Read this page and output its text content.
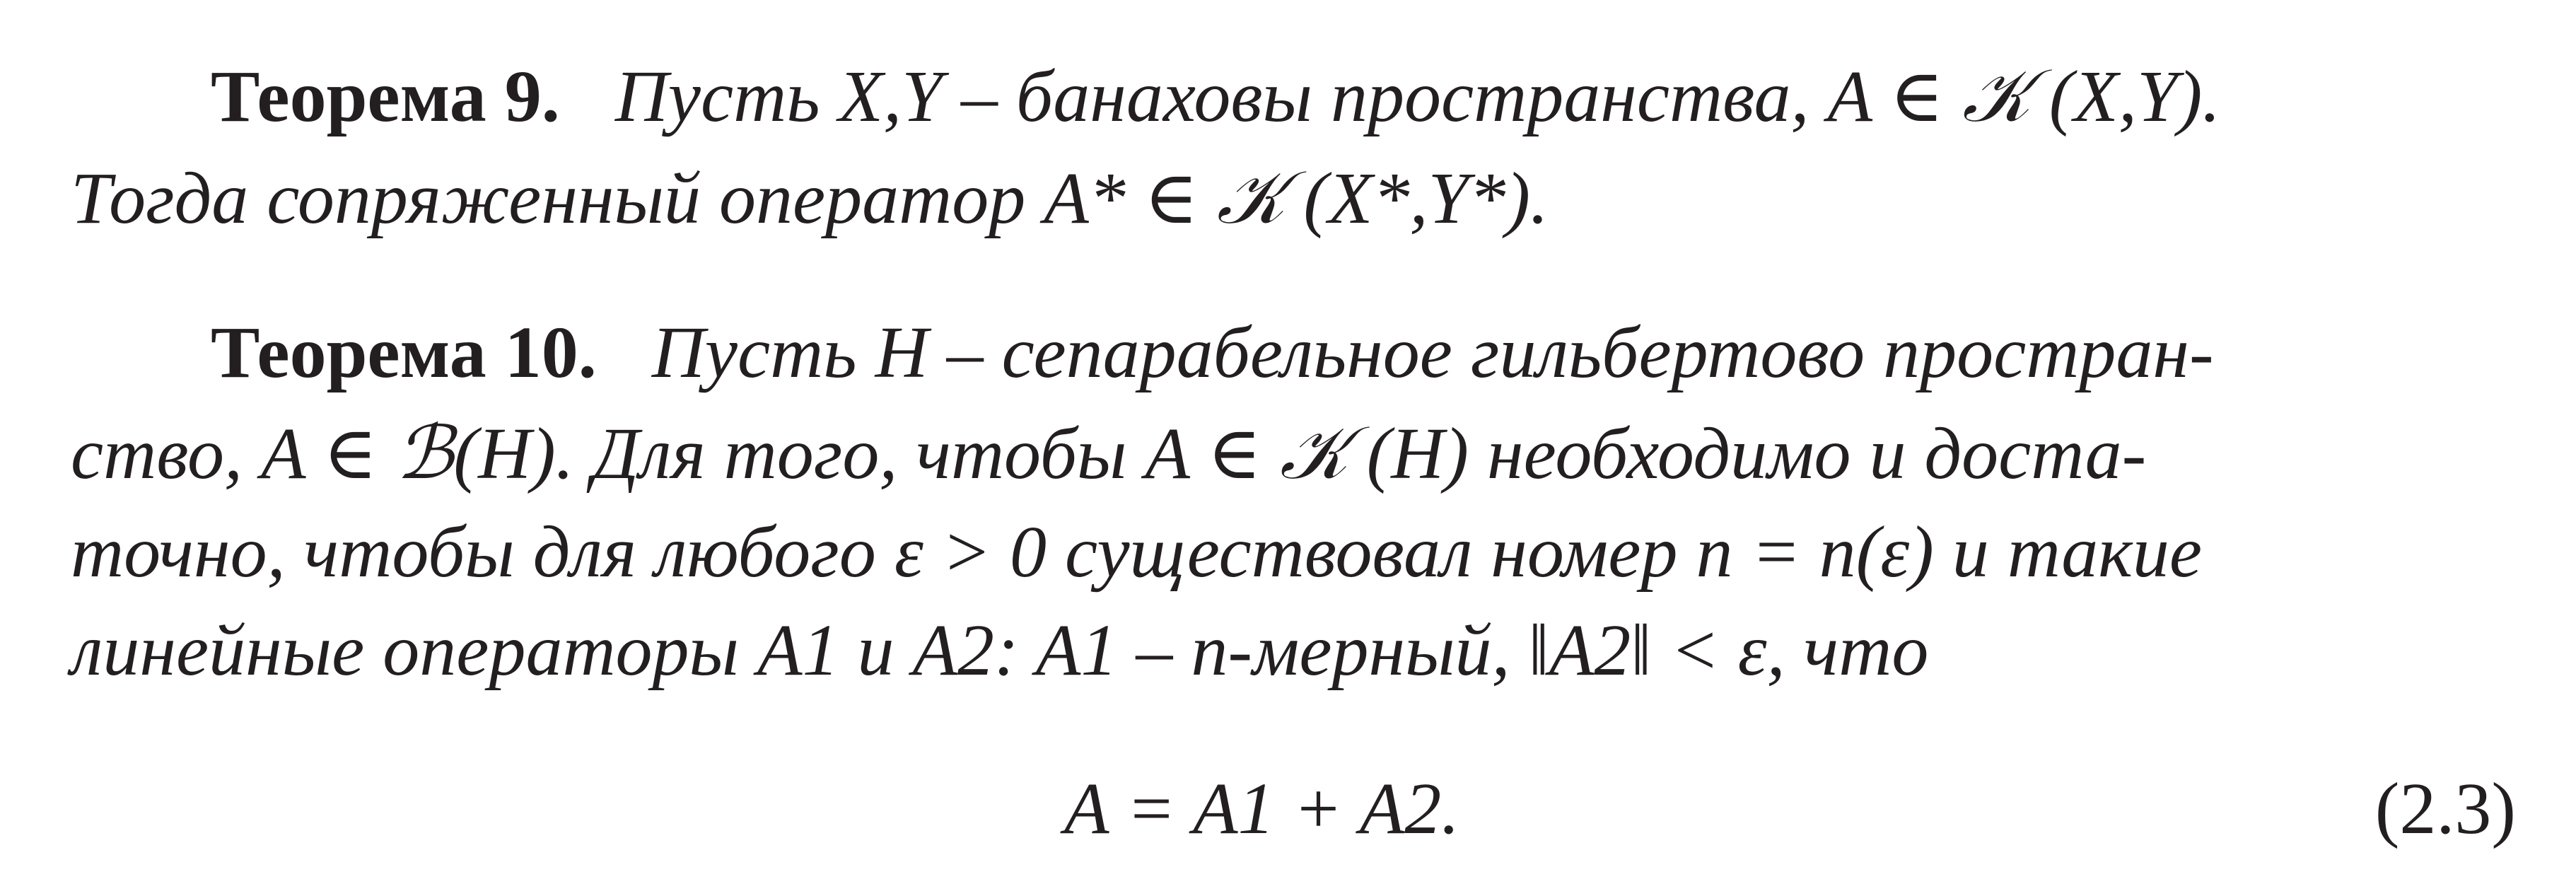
Теорема 9. Пусть X,Y – банаховы пространства, A ∈ 𝒦 (X,Y).
Тогда сопряженный оператор A* ∈ 𝒦 (X*,Y*).
Теорема 10. Пусть H – сепарабельное гильбертово простран-
ство, A ∈ ℬ(H). Для того, чтобы A ∈ 𝒦 (H) необходимо и доста-
точно, чтобы для любого ε > 0 существовал номер n = n(ε) и такие
линейные операторы A1 и A2: A1 – n-мерный, ‖A2‖ < ε, что
A = A1 + A2.	(2.3)
